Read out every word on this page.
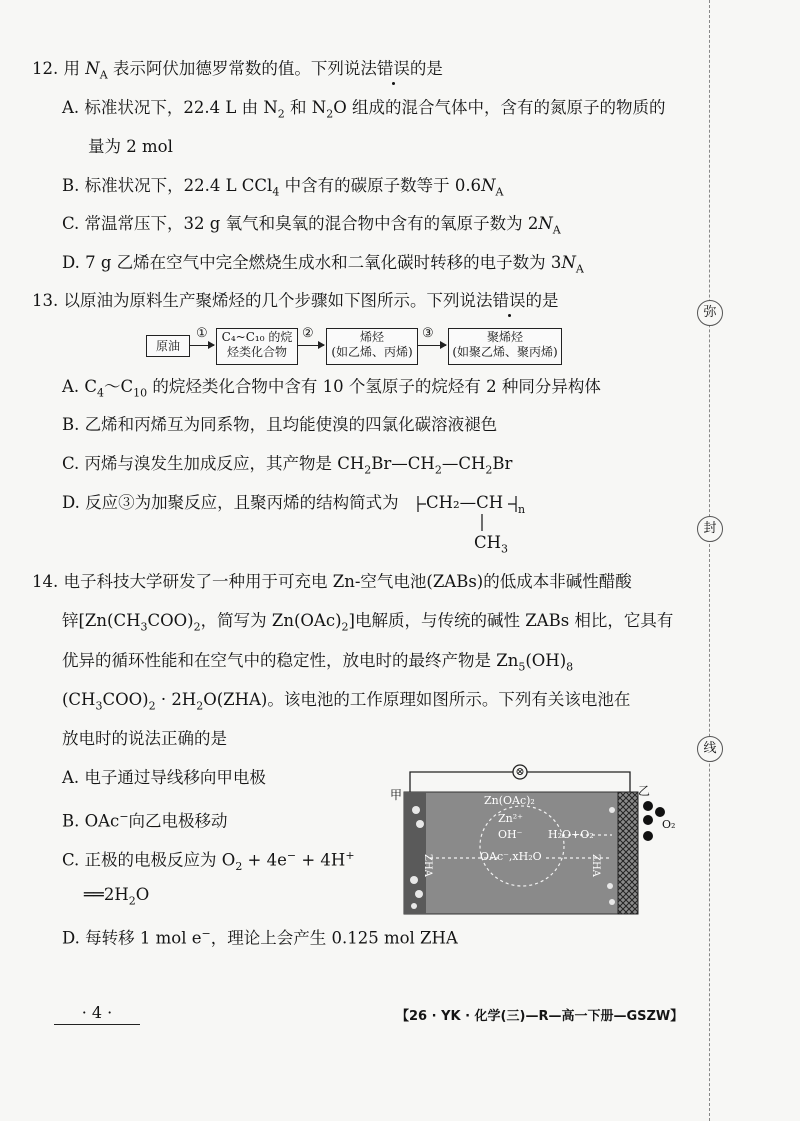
弥
封
线
12. 用 $N_A$ 表示阿伏加德罗常数的值。下列说法错误的是
A. 标准状况下，22.4 L 由 $N_2$ 和 $N_2O$ 组成的混合气体中，含有的氮原子的物质的
量为 2 mol
B. 标准状况下，22.4 L CCl$_4$ 中含有的碳原子数等于 $0.6N_A$
C. 常温常压下，32 g 氧气和臭氧的混合物中含有的氧原子数为 $2N_A$
D. 7 g 乙烯在空气中完全燃烧生成水和二氧化碳时转移的电子数为 $3N_A$
13. 以原油为原料生产聚烯烃的几个步骤如下图所示。下列说法错误的是
原油
①	C₄~C₁₀ 的烷
烃类化合物
②	烯烃
(如乙烯、丙烯)
③	聚烯烃
(如聚乙烯、聚丙烯)
A. $C_4\sim C_{10}$ 的烷烃类化合物中含有 10 个氢原子的烷烃有 2 种同分异构体
B. 乙烯和丙烯互为同系物，且均能使溴的四氯化碳溶液褪色
C. 丙烯与溴发生加成反应，其产物是 $CH_2Br—CH_2—CH_2Br$
D. 反应③为加聚反应，且聚丙烯的结构简式为 CH₂—CH n
$CH_3$
14. 电子科技大学研发了一种用于可充电 Zn-空气电池(ZABs)的低成本非碱性醋酸
锌[$Zn(CH_3COO)_2$，简写为 $Zn(OAc)_2$]电解质，与传统的碱性 ZABs 相比，它具有
优异的循环性能和在空气中的稳定性，放电时的最终产物是 $Zn_5(OH)_8$
$(CH_3COO)_2 \cdot 2H_2O(ZHA)$。该电池的工作原理如图所示。下列有关该电池在
放电时的说法正确的是
A. 电子通过导线移向甲电极
B. OAc−向乙电极移动
C. 正极的电极反应为 $O_2 + 4e^- + 4H^+$
$══2H_2O$
D. 每转移 1 mol e−，理论上会产生 0.125 mol ZHA
甲	乙
⊗
Zn(OAc)₂
Zn²⁺
OH⁻ H₂O+O₂
OAc⁻,xH₂O
ZHA	ZHA
O₂
· 4 ·	【26 · YK · 化学(三)—R—高一下册—GSZW】
